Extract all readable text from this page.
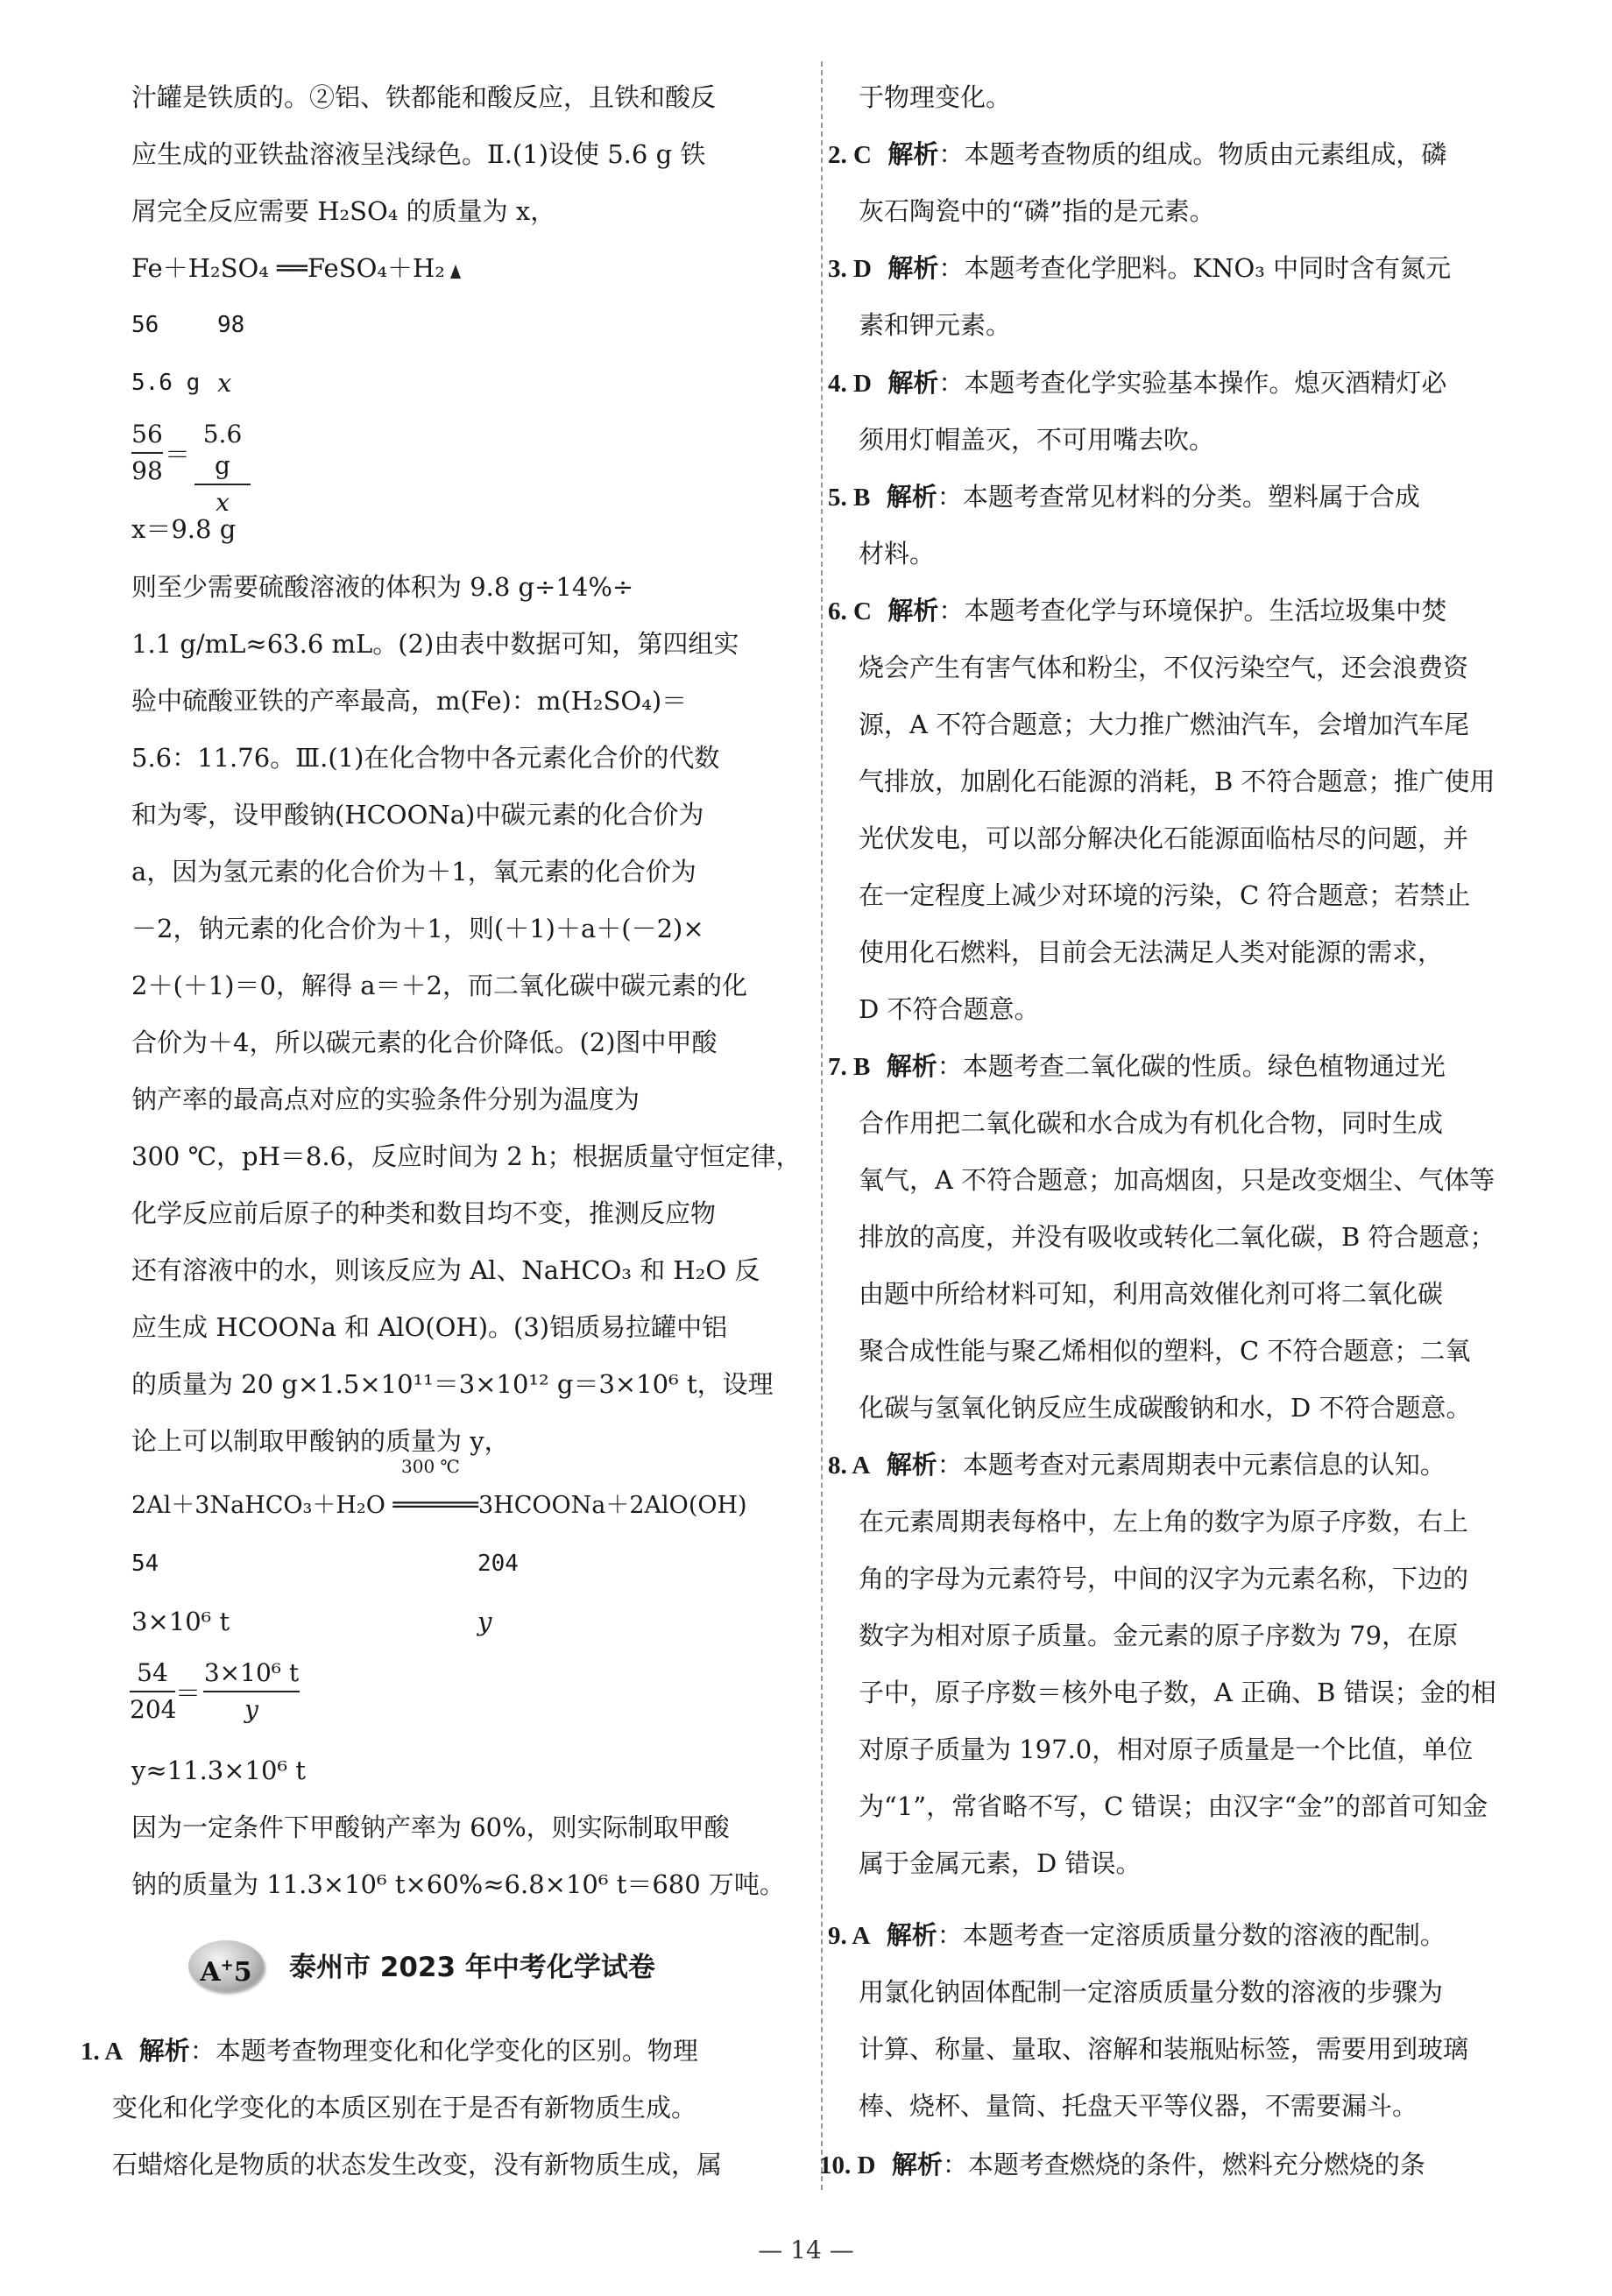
汁罐是铁质的。②铝、铁都能和酸反应，且铁和酸反
应生成的亚铁盐溶液呈浅绿色。Ⅱ.(1)设使 5.6 g 铁
屑完全反应需要 H₂SO₄ 的质量为 x，
Fe＋H₂SO₄ ══FeSO₄＋H₂
56	98
5.6 g x
56
98
＝
5.6 g
x
x＝9.8 g
则至少需要硫酸溶液的体积为 9.8 g÷14%÷
1.1 g/mL≈63.6 mL。(2)由表中数据可知，第四组实
验中硫酸亚铁的产率最高，m(Fe)：m(H₂SO₄)＝
5.6：11.76。Ⅲ.(1)在化合物中各元素化合价的代数
和为零，设甲酸钠(HCOONa)中碳元素的化合价为
a，因为氢元素的化合价为＋1，氧元素的化合价为
－2，钠元素的化合价为＋1，则(＋1)＋a＋(－2)×
2＋(＋1)＝0，解得 a＝＋2，而二氧化碳中碳元素的化
合价为＋4，所以碳元素的化合价降低。(2)图中甲酸
钠产率的最高点对应的实验条件分别为温度为
300 ℃，pH＝8.6，反应时间为 2 h；根据质量守恒定律，
化学反应前后原子的种类和数目均不变，推测反应物
还有溶液中的水，则该反应为 Al、NaHCO₃ 和 H₂O 反
应生成 HCOONa 和 AlO(OH)。(3)铝质易拉罐中铝
的质量为 20 g×1.5×10¹¹＝3×10¹² g＝3×10⁶ t，设理
论上可以制取甲酸钠的质量为 y，
300 ℃
2Al＋3NaHCO₃＋H₂O ══════3HCOONa＋2AlO(OH)
54	204
3×10⁶ t	y
54
204
＝
3×10⁶ t
y
y≈11.3×10⁶ t
因为一定条件下甲酸钠产率为 60%，则实际制取甲酸
钠的质量为 11.3×10⁶ t×60%≈6.8×10⁶ t＝680 万吨。
A+5	泰州市 2023 年中考化学试卷
1. A 解析：本题考查物理变化和化学变化的区别。物理
变化和化学变化的本质区别在于是否有新物质生成。
石蜡熔化是物质的状态发生改变，没有新物质生成，属
于物理变化。
2. C 解析：本题考查物质的组成。物质由元素组成，磷
灰石陶瓷中的“磷”指的是元素。
3. D 解析：本题考查化学肥料。KNO₃ 中同时含有氮元
素和钾元素。
4. D 解析：本题考查化学实验基本操作。熄灭酒精灯必
须用灯帽盖灭，不可用嘴去吹。
5. B 解析：本题考查常见材料的分类。塑料属于合成
材料。
6. C 解析：本题考查化学与环境保护。生活垃圾集中焚
烧会产生有害气体和粉尘，不仅污染空气，还会浪费资
源，A 不符合题意；大力推广燃油汽车，会增加汽车尾
气排放，加剧化石能源的消耗，B 不符合题意；推广使用
光伏发电，可以部分解决化石能源面临枯尽的问题，并
在一定程度上减少对环境的污染，C 符合题意；若禁止
使用化石燃料，目前会无法满足人类对能源的需求，
D 不符合题意。
7. B 解析：本题考查二氧化碳的性质。绿色植物通过光
合作用把二氧化碳和水合成为有机化合物，同时生成
氧气，A 不符合题意；加高烟囱，只是改变烟尘、气体等
排放的高度，并没有吸收或转化二氧化碳，B 符合题意；
由题中所给材料可知，利用高效催化剂可将二氧化碳
聚合成性能与聚乙烯相似的塑料，C 不符合题意；二氧
化碳与氢氧化钠反应生成碳酸钠和水，D 不符合题意。
8. A 解析：本题考查对元素周期表中元素信息的认知。
在元素周期表每格中，左上角的数字为原子序数，右上
角的字母为元素符号，中间的汉字为元素名称，下边的
数字为相对原子质量。金元素的原子序数为 79，在原
子中，原子序数＝核外电子数，A 正确、B 错误；金的相
对原子质量为 197.0，相对原子质量是一个比值，单位
为“1”，常省略不写，C 错误；由汉字“金”的部首可知金
属于金属元素，D 错误。
9. A 解析：本题考查一定溶质质量分数的溶液的配制。
用氯化钠固体配制一定溶质质量分数的溶液的步骤为
计算、称量、量取、溶解和装瓶贴标签，需要用到玻璃
棒、烧杯、量筒、托盘天平等仪器，不需要漏斗。
10. D 解析：本题考查燃烧的条件，燃料充分燃烧的条
— 14 —
